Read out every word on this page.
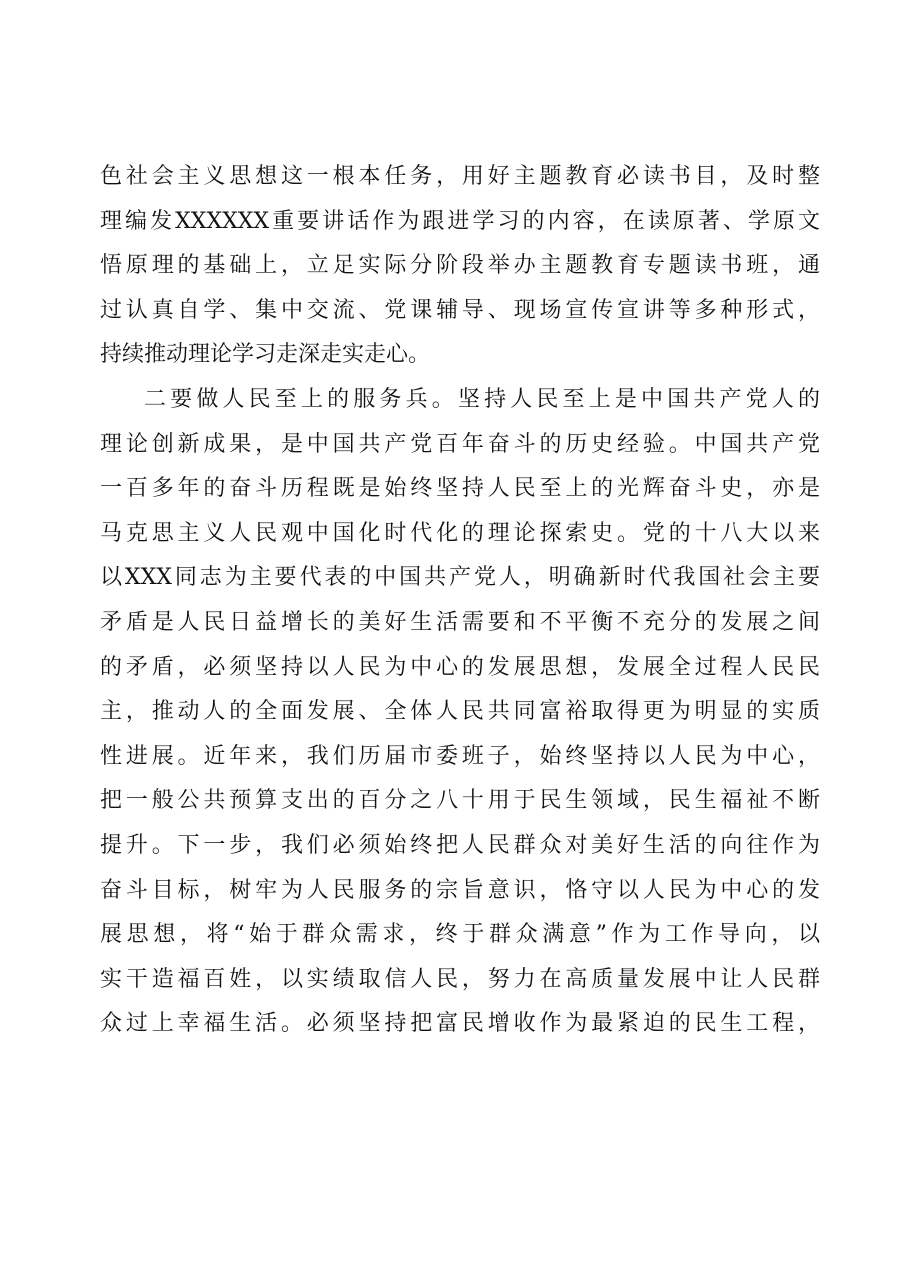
色社会主义思想这一根本任务，用好主题教育必读书目，及时整
理编发XXXXXX重要讲话作为跟进学习的内容，在读原著、学原文
悟原理的基础上，立足实际分阶段举办主题教育专题读书班，通
过认真自学、集中交流、党课辅导、现场宣传宣讲等多种形式，
持续推动理论学习走深走实走心。
二要做人民至上的服务兵。坚持人民至上是中国共产党人的
理论创新成果，是中国共产党百年奋斗的历史经验。中国共产党
一百多年的奋斗历程既是始终坚持人民至上的光辉奋斗史，亦是
马克思主义人民观中国化时代化的理论探索史。党的十八大以来
以XXX同志为主要代表的中国共产党人，明确新时代我国社会主要
矛盾是人民日益增长的美好生活需要和不平衡不充分的发展之间
的矛盾，必须坚持以人民为中心的发展思想，发展全过程人民民
主，推动人的全面发展、全体人民共同富裕取得更为明显的实质
性进展。近年来，我们历届市委班子，始终坚持以人民为中心，
把一般公共预算支出的百分之八十用于民生领域，民生福祉不断
提升。下一步，我们必须始终把人民群众对美好生活的向往作为
奋斗目标，树牢为人民服务的宗旨意识，恪守以人民为中心的发
展思想，将“始于群众需求，终于群众满意”作为工作导向，以
实干造福百姓，以实绩取信人民，努力在高质量发展中让人民群
众过上幸福生活。必须坚持把富民增收作为最紧迫的民生工程，
